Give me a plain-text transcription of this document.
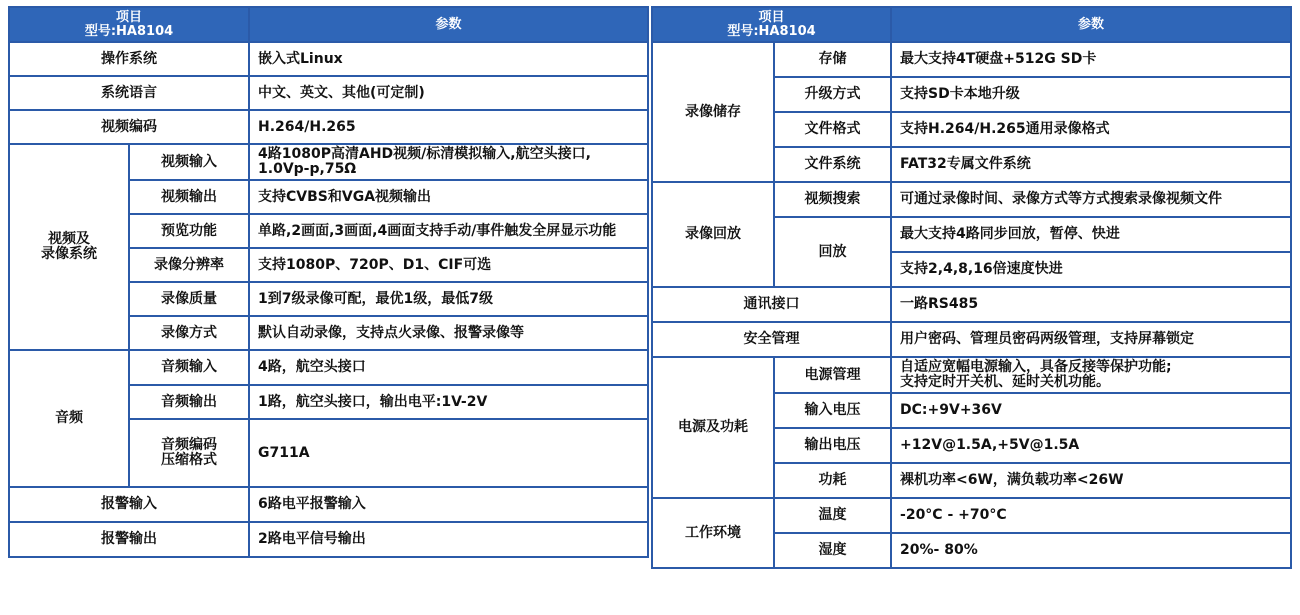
项目
型号:HA8104		参数
操作系统		嵌入式Linux
系统语言		中文、英文、其他(可定制)
视频编码		H.264/H.265

视频及
录像系统	视频输入	4路1080P高清AHD视频/标清模拟输入,航空头接口,
1.0Vp-p,75Ω

	视频输出	支持CVBS和VGA视频输出
	预览功能	单路,2画面,3画面,4画面支持手动/事件触发全屏显示功能
	录像分辨率	支持1080P、720P、D1、CIF可选
	录像质量	1到7级录像可配，最优1级，最低7级
	录像方式	默认自动录像，支持点火录像、报警录像等
音频	音频输入	4路，航空头接口
	音频输出	1路，航空头接口，输出电平:1V-2V

	音频编码
压缩格式	G711A
报警输入		6路电平报警输入
报警输出		2路电平信号输出
项目
型号:HA8104		参数
录像储存	存储	最大支持4T硬盘+512G SD卡
	升级方式	支持SD卡本地升级
	文件格式	支持H.264/H.265通用录像格式
	文件系统	FAT32专属文件系统
录像回放	视频搜索	可通过录像时间、录像方式等方式搜索录像视频文件
	回放	最大支持4路同步回放，暂停、快进
		支持2,4,8,16倍速度快进
通讯接口		一路RS485
安全管理		用户密码、管理员密码两级管理，支持屏幕锁定
电源及功耗	电源管理	自适应宽幅电源输入，具备反接等保护功能;
支持定时开关机、延时关机功能。

	输入电压	DC:+9V+36V
	输出电压	+12V@1.5A,+5V@1.5A
	功耗	裸机功率<6W，满负载功率<26W
工作环境	温度	-20°C - +70°C
	湿度	20%- 80%
